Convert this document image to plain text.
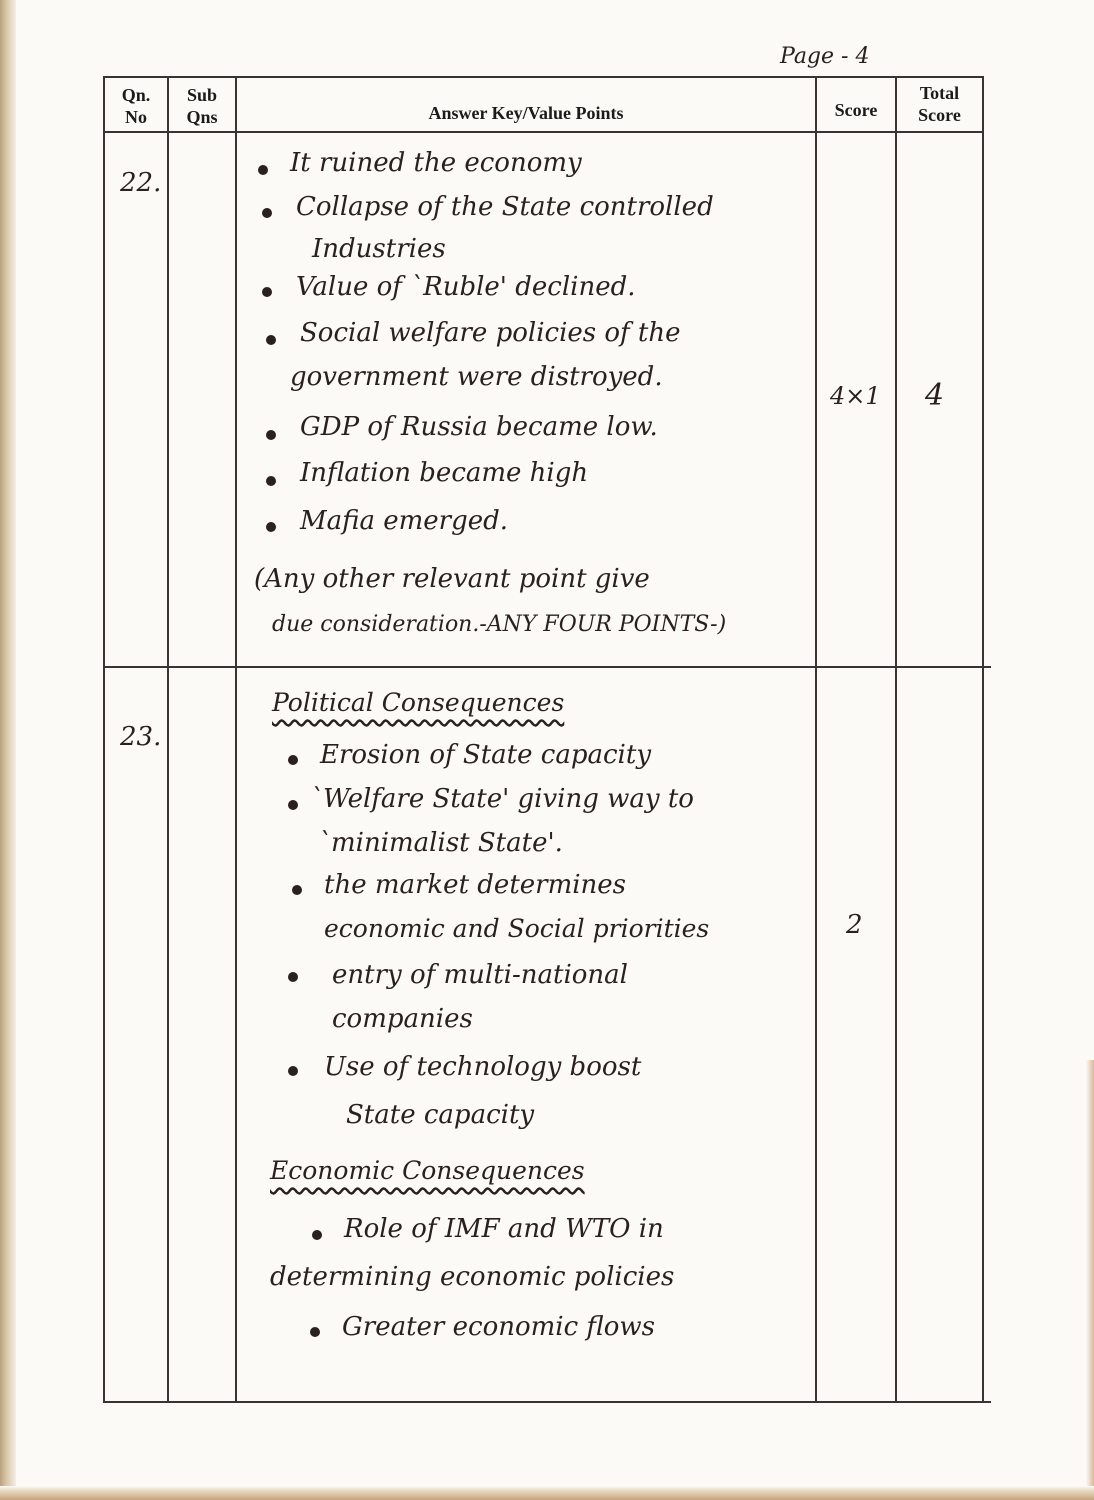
Page - 4
Qn.
No
Sub
Qns	Answer Key/Value Points	Score
Total
Score
22.
It ruined the economy
Collapse of the State controlled
Industries
Value of `Ruble' declined.
Social welfare policies of the
government were distroyed.
GDP of Russia became low.
Inflation became high
Mafia emerged.
(Any other relevant point give
due consideration.-ANY FOUR POINTS-)
4×1 4
23.
Political Consequences
Erosion of State capacity
`Welfare State' giving way to
`minimalist State'.
the market determines
economic and Social priorities
entry of multi-national
companies
Use of technology boost
State capacity
Economic Consequences
Role of IMF and WTO in
determining economic policies
Greater economic flows
2
